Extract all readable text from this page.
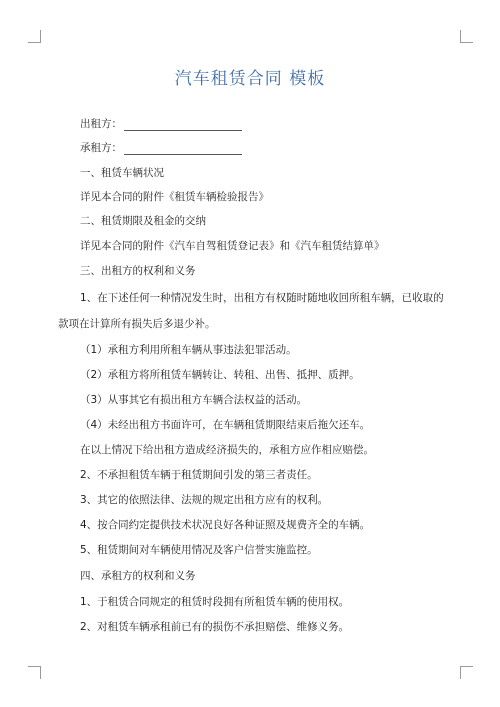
汽车租赁合同 模板
出租方：
承租方：
一、租赁车辆状况
详见本合同的附件《租赁车辆检验报告》
二、租赁期限及租金的交纳
详见本合同的附件《汽车自驾租赁登记表》和《汽车租赁结算单》
三、出租方的权利和义务
1、在下述任何一种情况发生时，出租方有权随时随地收回所租车辆，已收取的
款项在计算所有损失后多退少补。
（1）承租方利用所租车辆从事违法犯罪活动。
（2）承租方将所租赁车辆转让、转租、出售、抵押、质押。
（3）从事其它有损出租方车辆合法权益的活动。
（4）未经出租方书面许可，在车辆租赁期限结束后拖欠还车。
在以上情况下给出租方造成经济损失的，承租方应作相应赔偿。
2、不承担租赁车辆于租赁期间引发的第三者责任。
3、其它的依照法律、法规的规定出租方应有的权利。
4、按合同约定提供技术状况良好各种证照及规费齐全的车辆。
5、租赁期间对车辆使用情况及客户信誉实施监控。
四、承租方的权利和义务
1、于租赁合同规定的租赁时段拥有所租赁车辆的使用权。
2、对租赁车辆承租前已有的损伤不承担赔偿、维修义务。
